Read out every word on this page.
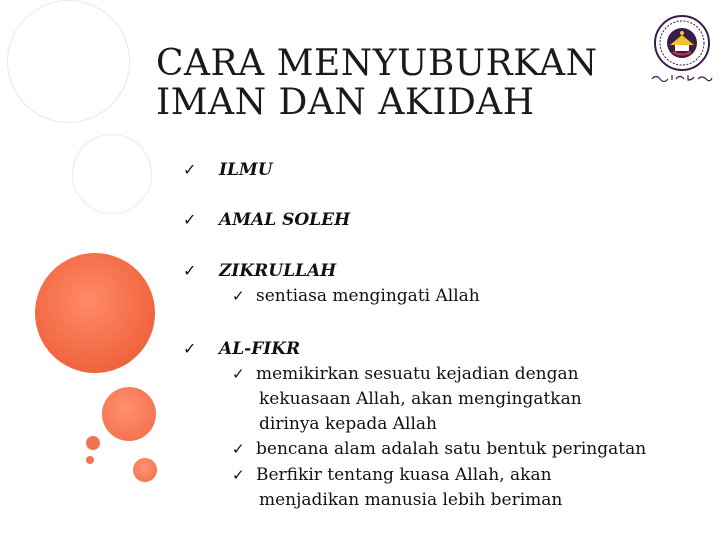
CARA MENYUBURKAN
IMAN DAN AKIDAH
✓	ILMU
✓	AMAL SOLEH
✓	ZIKRULLAH
✓ sentiasa mengingati Allah
✓	AL-FIKR
✓ memikirkan sesuatu kejadian dengan
kekuasaan Allah, akan mengingatkan
dirinya kepada Allah
✓ bencana alam adalah satu bentuk peringatan
✓ Berfikir tentang kuasa Allah, akan
menjadikan manusia lebih beriman
